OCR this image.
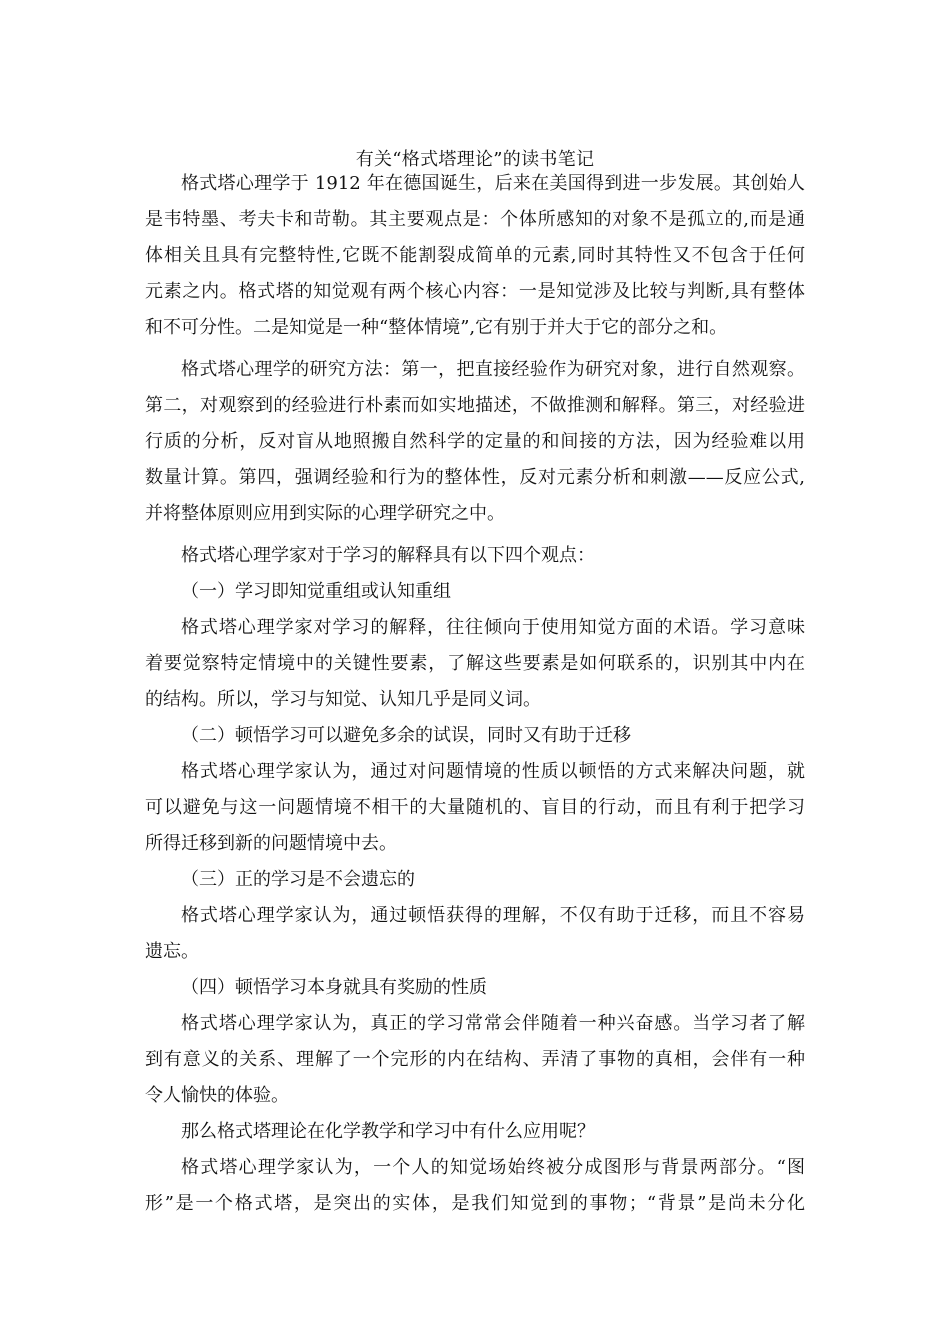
有关“格式塔理论”的读书笔记
格式塔心理学于 1912 年在德国诞生，后来在美国得到进一步发展。其创始人
是韦特墨、考夫卡和苛勒。其主要观点是：个体所感知的对象不是孤立的,而是通
体相关且具有完整特性,它既不能割裂成简单的元素,同时其特性又不包含于任何
元素之内。格式塔的知觉观有两个核心内容：一是知觉涉及比较与判断,具有整体
和不可分性。二是知觉是一种“整体情境”,它有别于并大于它的部分之和。
格式塔心理学的研究方法：第一，把直接经验作为研究对象，进行自然观察。
第二，对观察到的经验进行朴素而如实地描述，不做推测和解释。第三，对经验进
行质的分析，反对盲从地照搬自然科学的定量的和间接的方法，因为经验难以用
数量计算。第四，强调经验和行为的整体性，反对元素分析和刺激——反应公式,
并将整体原则应用到实际的心理学研究之中。
格式塔心理学家对于学习的解释具有以下四个观点：
（一）学习即知觉重组或认知重组
格式塔心理学家对学习的解释，往往倾向于使用知觉方面的术语。学习意味
着要觉察特定情境中的关键性要素，了解这些要素是如何联系的，识别其中内在
的结构。所以，学习与知觉、认知几乎是同义词。
（二）顿悟学习可以避免多余的试误，同时又有助于迁移
格式塔心理学家认为，通过对问题情境的性质以顿悟的方式来解决问题，就
可以避免与这一问题情境不相干的大量随机的、盲目的行动，而且有利于把学习
所得迁移到新的问题情境中去。
（三）正的学习是不会遗忘的
格式塔心理学家认为，通过顿悟获得的理解，不仅有助于迁移，而且不容易
遗忘。
（四）顿悟学习本身就具有奖励的性质
格式塔心理学家认为，真正的学习常常会伴随着一种兴奋感。当学习者了解
到有意义的关系、理解了一个完形的内在结构、弄清了事物的真相，会伴有一种
令人愉快的体验。
那么格式塔理论在化学教学和学习中有什么应用呢？
格式塔心理学家认为，一个人的知觉场始终被分成图形与背景两部分。“图
形”是一个格式塔，是突出的实体，是我们知觉到的事物；“背景”是尚未分化
